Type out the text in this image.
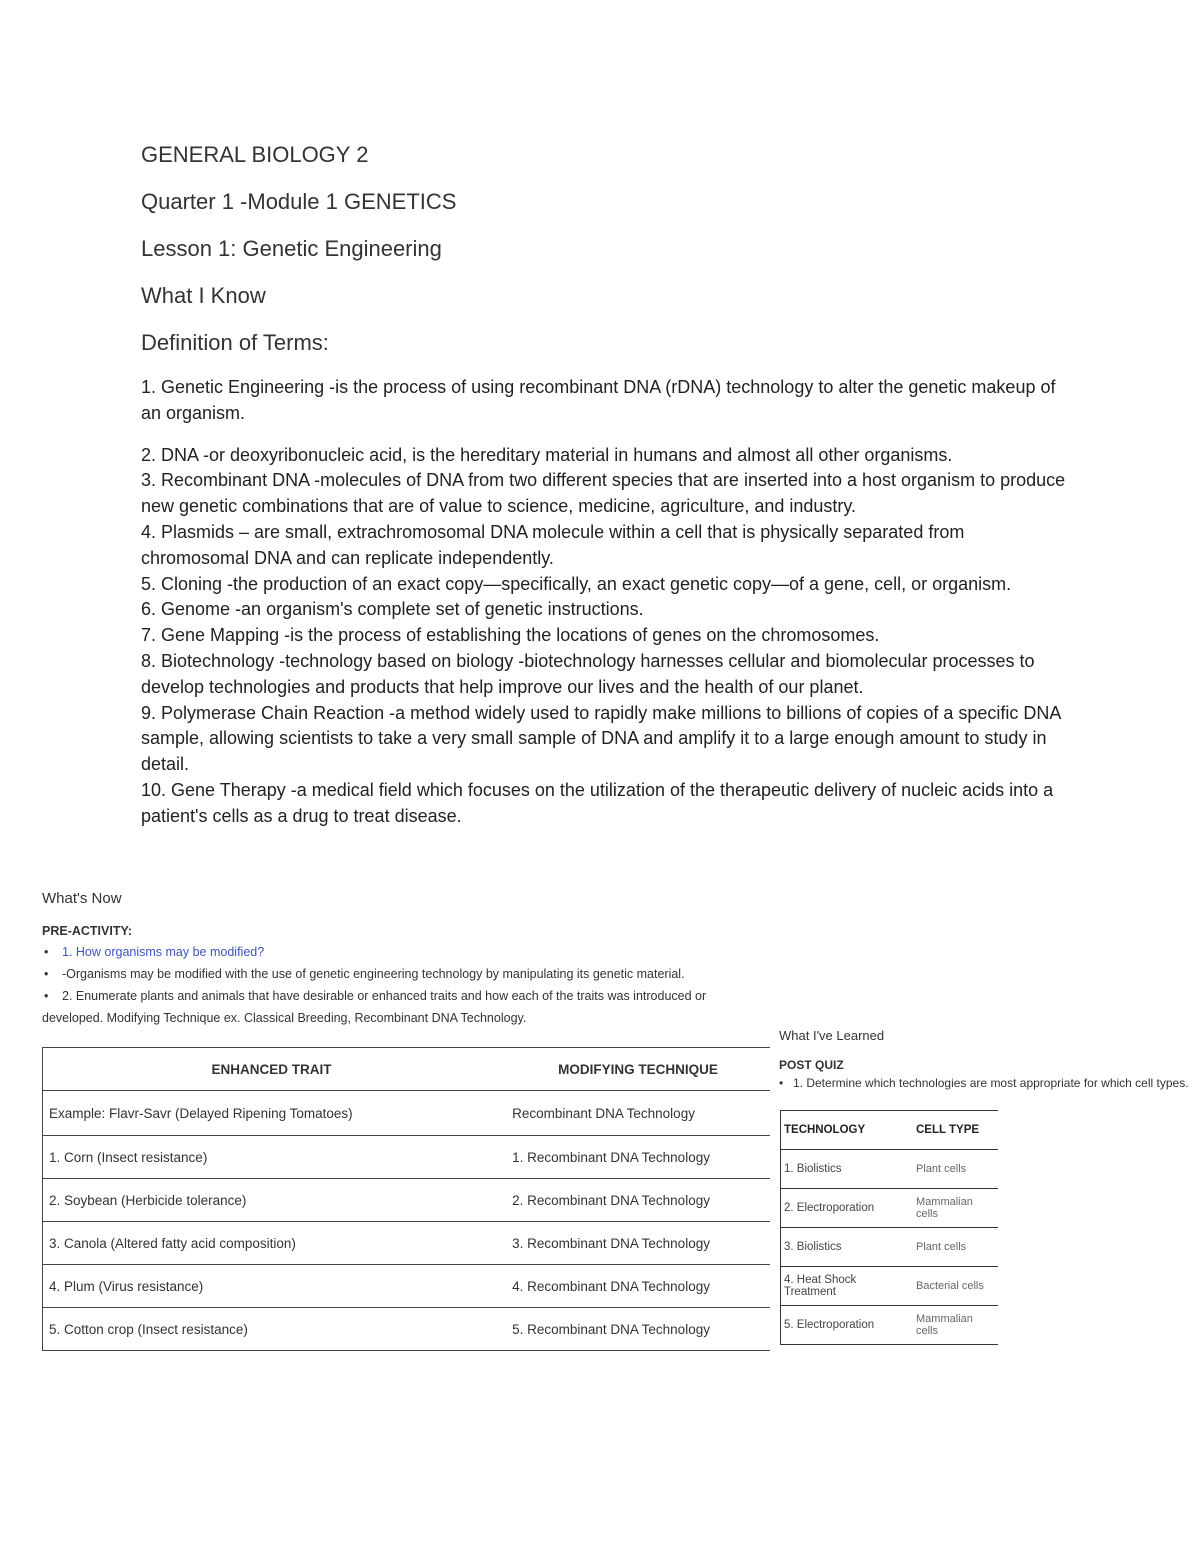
GENERAL BIOLOGY 2
Quarter 1 -Module 1 GENETICS
Lesson 1: Genetic Engineering
What I Know
Definition of Terms:

1. Genetic Engineering -is the process of using recombinant DNA (rDNA) technology to alter the genetic makeup of an organism.

2. DNA -or deoxyribonucleic acid, is the hereditary material in humans and almost all other organisms.

3. Recombinant DNA -molecules of DNA from two different species that are inserted into a host organism to produce new genetic combinations that are of value to science, medicine, agriculture, and industry.

4. Plasmids – are small, extrachromosomal DNA molecule within a cell that is physically separated from chromosomal DNA and can replicate independently.

5. Cloning -the production of an exact copy—specifically, an exact genetic copy—of a gene, cell, or organism.

6. Genome -an organism's complete set of genetic instructions.

7. Gene Mapping -is the process of establishing the locations of genes on the chromosomes.

8. Biotechnology -technology based on biology -biotechnology harnesses cellular and biomolecular processes to develop technologies and products that help improve our lives and the health of our planet.

9. Polymerase Chain Reaction -a method widely used to rapidly make millions to billions of copies of a specific DNA sample, allowing scientists to take a very small sample of DNA and amplify it to a large enough amount to study in detail.

10. Gene Therapy -a medical field which focuses on the utilization of the therapeutic delivery of nucleic acids into a patient's cells as a drug to treat disease.

What's Now
PRE-ACTIVITY:
• 1. How organisms may be modified?
• -Organisms may be modified with the use of genetic engineering technology by manipulating its genetic material.
• 2. Enumerate plants and animals that have desirable or enhanced traits and how each of the traits was introduced or
developed. Modifying Technique ex. Classical Breeding, Recombinant DNA Technology.
ENHANCED TRAIT	MODIFYING TECHNIQUE
Example: Flavr-Savr (Delayed Ripening Tomatoes)	Recombinant DNA Technology
1. Corn (Insect resistance)	1. Recombinant DNA Technology
2. Soybean (Herbicide tolerance)	2. Recombinant DNA Technology
3. Canola (Altered fatty acid composition)	3. Recombinant DNA Technology
4. Plum (Virus resistance)	4. Recombinant DNA Technology
5. Cotton crop (Insect resistance)	5. Recombinant DNA Technology
What I've Learned
POST QUIZ
• 1. Determine which technologies are most appropriate for which cell types.
TECHNOLOGY	CELL TYPE
1. Biolistics	Plant cells
2. Electroporation	Mammalian cells
3. Biolistics	Plant cells
4. Heat Shock Treatment	Bacterial cells
5. Electroporation	Mammalian cells
